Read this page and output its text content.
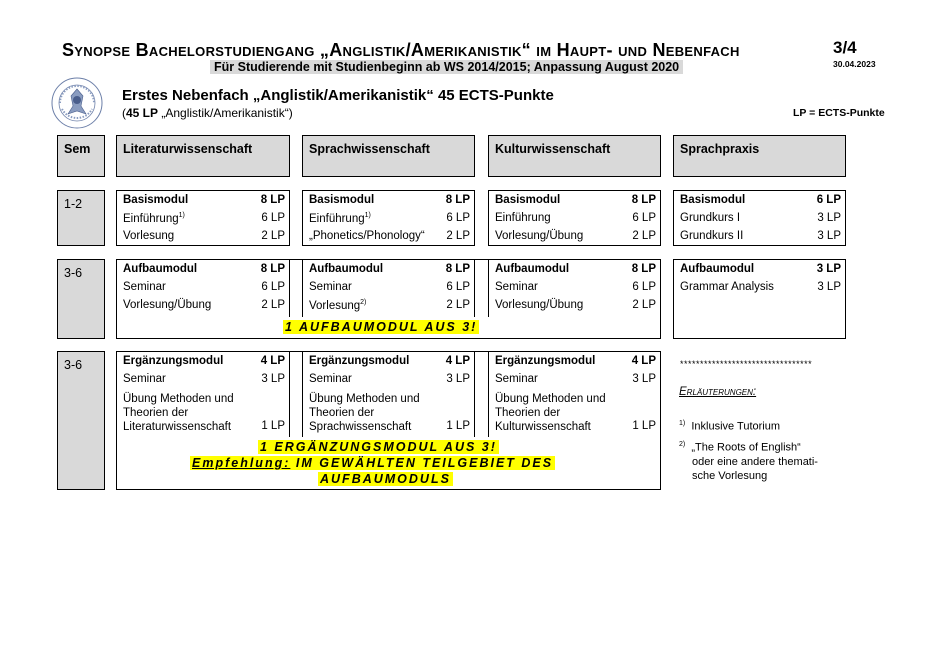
Synopse Bachelorstudiengang „Anglistik/Amerikanistik“ im Haupt- und Nebenfach
Für Studierende mit Studienbeginn ab WS 2014/2015; Anpassung August 2020
3/4
30.04.2023
Erstes Nebenfach „Anglistik/Amerikanistik“ 45 ECTS-Punkte
(45 LP „Anglistik/Amerikanistik“)	LP = ECTS-Punkte
Sem	Literaturwissenschaft	Sprachwissenschaft	Kulturwissenschaft	Sprachpraxis
1-2	Basismodul	8 LP
Einführung$^{1)}$	6 LP
Vorlesung	2 LP
Basismodul	8 LP
Einführung$^{1)}$	6 LP
„Phonetics/Phonology“ 2 LP
Basismodul	8 LP
Einführung	6 LP
Vorlesung/Übung	2 LP
Basismodul	6 LP
Grundkurs I	3 LP
Grundkurs II	3 LP
3-6	Aufbaumodul	8 LP
Seminar	6 LP
Vorlesung/Übung	2 LP
Aufbaumodul	8 LP
Seminar	6 LP
Vorlesung$^{2)}$	2 LP
Aufbaumodul	8 LP
Seminar	6 LP
Vorlesung/Übung	2 LP
1 AUFBAUMODUL AUS 3!
Aufbaumodul	3 LP
Grammar Analysis	3 LP
3-6	Ergänzungsmodul	4 LP
Seminar	3 LP
Übung Methoden und
Theorien der
Literaturwissenschaft	1 LP
Ergänzungsmodul	4 LP
Seminar	3 LP
Übung Methoden und
Theorien der
Sprachwissenschaft	1 LP
Ergänzungsmodul	4 LP
Seminar	3 LP
Übung Methoden und
Theorien der
Kulturwissenschaft	1 LP
1 ERGÄNZUNGSMODUL AUS 3!
Empfehlung: IM GEWÄHLTEN TEILGEBIET DES
AUFBAUMODULS
*********************************
Erläuterungen:
$^{1)}$ Inklusive Tutorium
$^{2)}$ „The Roots of English“
oder eine andere themati-
sche Vorlesung
